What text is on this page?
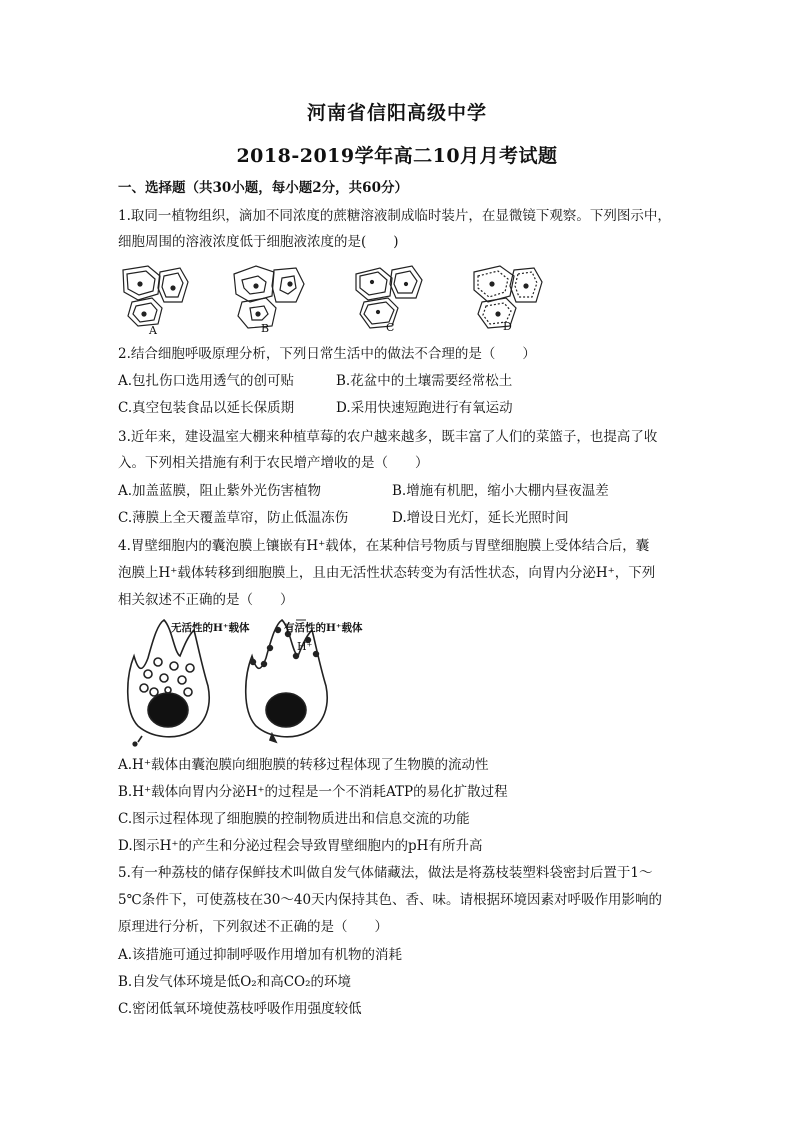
河南省信阳高级中学
2018-2019学年高二10月月考试题
一、选择题（共30小题，每小题2分，共60分）
1.取同一植物组织，滴加不同浓度的蔗糖溶液制成临时装片，在显微镜下观察。下列图示中，
细胞周围的溶液浓度低于细胞液浓度的是(　　)
A	B	C	D
2.结合细胞呼吸原理分析，下列日常生活中的做法不合理的是（　　）
A.包扎伤口选用透气的创可贴	B.花盆中的土壤需要经常松土
C.真空包装食品以延长保质期	D.采用快速短跑进行有氧运动
3.近年来，建设温室大棚来种植草莓的农户越来越多，既丰富了人们的菜篮子，也提高了收
入。下列相关措施有利于农民增产增收的是（　　）
A.加盖蓝膜，阻止紫外光伤害植物	B.增施有机肥，缩小大棚内昼夜温差
C.薄膜上全天覆盖草帘，防止低温冻伤	D.增设日光灯，延长光照时间
4.胃壁细胞内的囊泡膜上镶嵌有H⁺载体，在某种信号物质与胃壁细胞膜上受体结合后，囊
泡膜上H⁺载体转移到细胞膜上，且由无活性状态转变为有活性状态，向胃内分泌H⁺，下列
相关叙述不正确的是（　　）
无活性的H⁺载体	有活性的H⁺载体
H⁺
A.H⁺载体由囊泡膜向细胞膜的转移过程体现了生物膜的流动性
B.H⁺载体向胃内分泌H⁺的过程是一个不消耗ATP的易化扩散过程
C.图示过程体现了细胞膜的控制物质进出和信息交流的功能
D.图示H⁺的产生和分泌过程会导致胃壁细胞内的pH有所升高
5.有一种荔枝的储存保鲜技术叫做自发气体储藏法，做法是将荔枝装塑料袋密封后置于1～
5℃条件下，可使荔枝在30～40天内保持其色、香、味。请根据环境因素对呼吸作用影响的
原理进行分析，下列叙述不正确的是（　　）
A.该措施可通过抑制呼吸作用增加有机物的消耗
B.自发气体环境是低O₂和高CO₂的环境
C.密闭低氧环境使荔枝呼吸作用强度较低
